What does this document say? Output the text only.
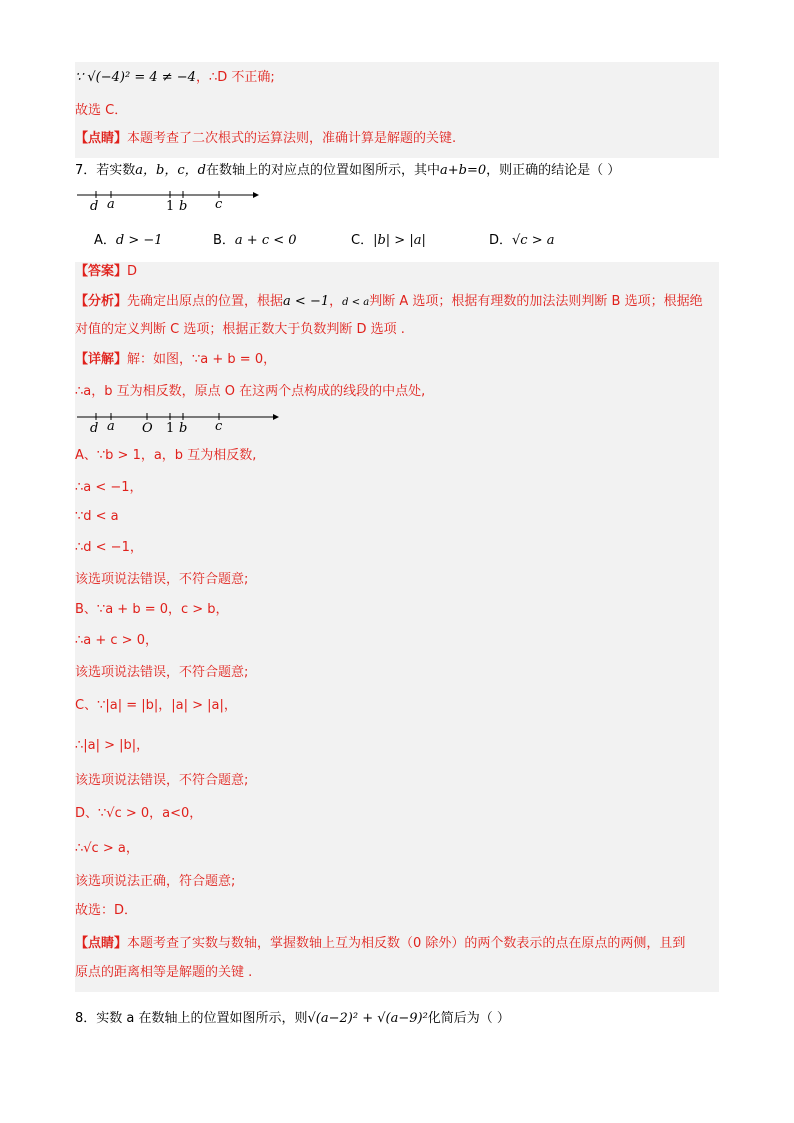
∵ √(−4)² = 4 ≠ −4，∴D 不正确;
故选 C．
【点睛】本题考查了二次根式的运算法则，准确计算是解题的关键.
7．若实数a，b，c，d在数轴上的对应点的位置如图所示，其中a+b=0，则正确的结论是（ ）
d a	1 b c
A．d > −1	B．a + c < 0	C．|b| > |a|	D．√c > a
【答案】D
【分析】先确定出原点的位置，根据a < −1，d < a判断 A 选项；根据有理数的加法法则判断 B 选项；根据绝
对值的定义判断 C 选项；根据正数大于负数判断 D 选项 .
【详解】解：如图，∵a + b = 0，
∴a，b 互为相反数，原点 O 在这两个点构成的线段的中点处,
d a O 1 b c
A、∵b > 1，a，b 互为相反数,
∴a < −1，
∵d < a
∴d < −1，
该选项说法错误，不符合题意;
B、∵a + b = 0，c > b，
∴a + c > 0，
该选项说法错误，不符合题意;
C、∵|a| = |b|，|a| > |a|，
∴|a| > |b|，
该选项说法错误，不符合题意;
D、∵√c > 0，a<0，
∴√c > a，
该选项说法正确，符合题意;
故选：D．
【点睛】本题考查了实数与数轴，掌握数轴上互为相反数（0 除外）的两个数表示的点在原点的两侧，且到
原点的距离相等是解题的关键 .
8．实数 a 在数轴上的位置如图所示，则√(a−2)² + √(a−9)²化简后为（ ）
